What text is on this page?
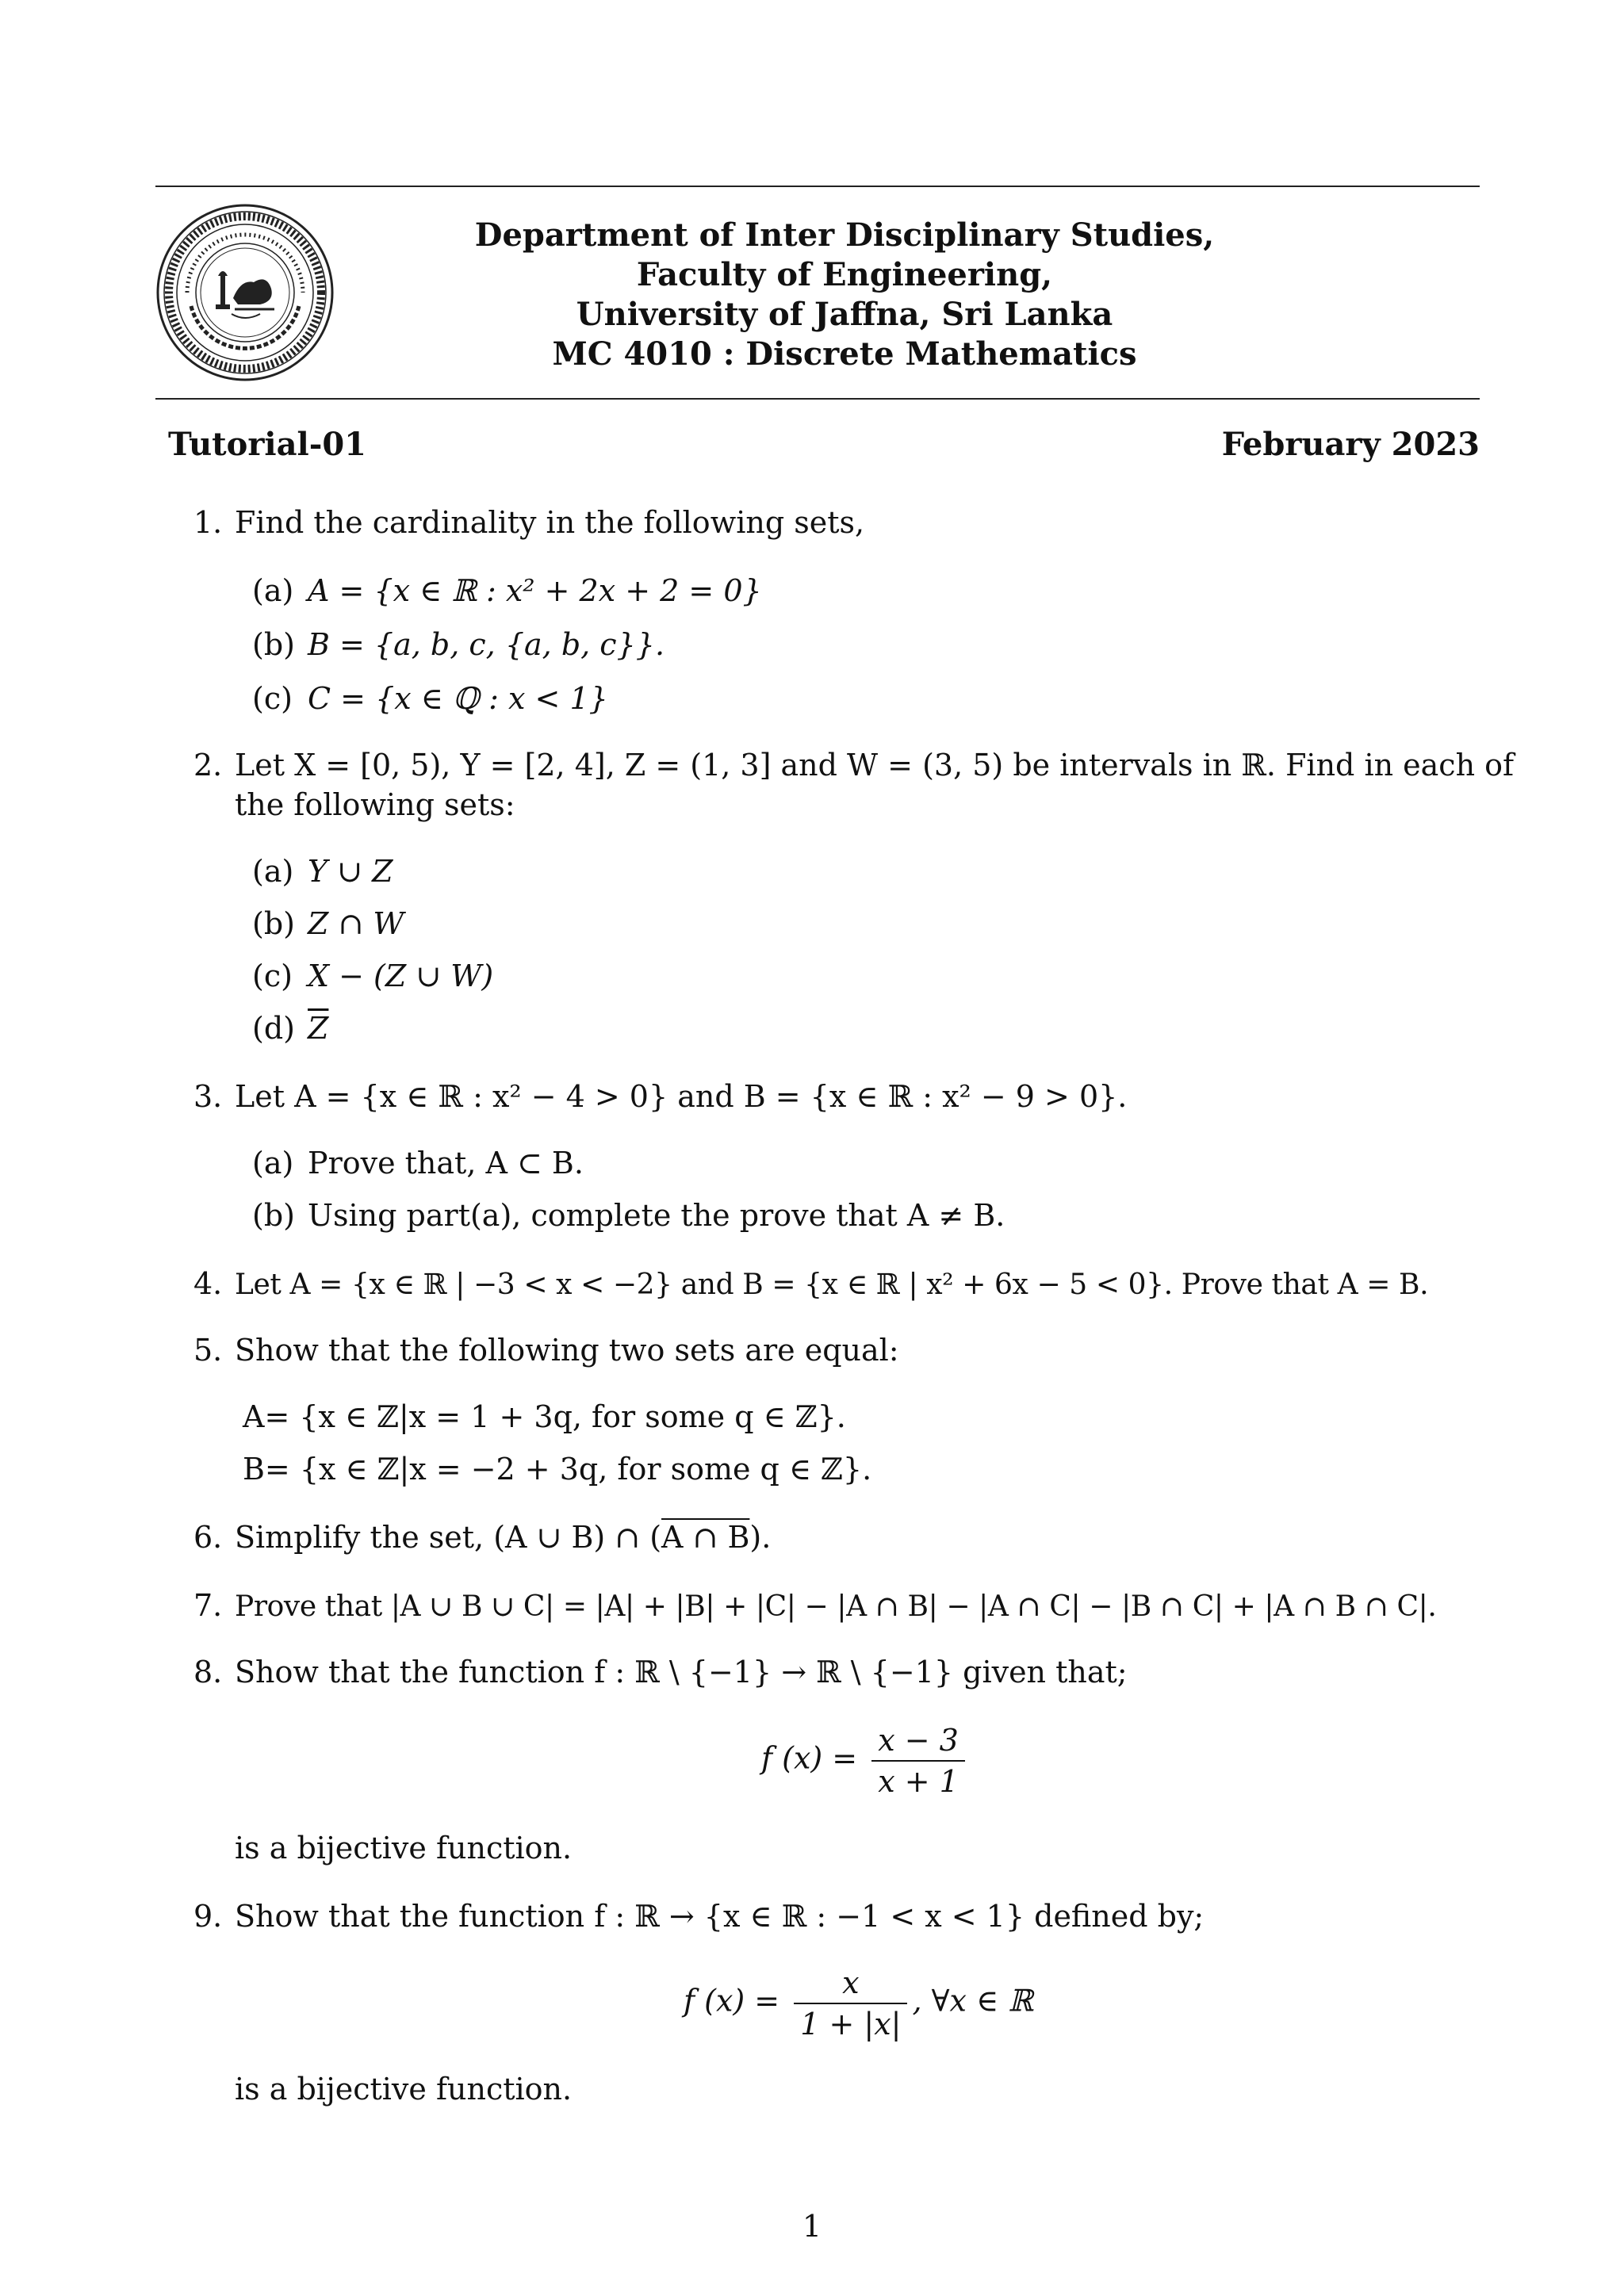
Department of Inter Disciplinary Studies,
Faculty of Engineering,
University of Jaffna, Sri Lanka
MC 4010 : Discrete Mathematics
Tutorial-01	February 2023
1. Find the cardinality in the following sets,
(a) A = {x ∈ ℝ : x² + 2x + 2 = 0}
(b) B = {a, b, c, {a, b, c}}.
(c) C = {x ∈ ℚ : x < 1}
2. Let X = [0, 5), Y = [2, 4], Z = (1, 3] and W = (3, 5) be intervals in ℝ. Find in each of
the following sets:
(a) Y ∪ Z
(b) Z ∩ W
(c) X − (Z ∪ W)
(d) $\overline{Z}$
3. Let A = {x ∈ ℝ : x² − 4 > 0} and B = {x ∈ ℝ : x² − 9 > 0}.
(a) Prove that, A ⊂ B.
(b) Using part(a), complete the prove that A ≠ B.
4. Let A = {x ∈ ℝ | −3 < x < −2} and B = {x ∈ ℝ | x² + 6x − 5 < 0}. Prove that A = B.
5. Show that the following two sets are equal:
A= {x ∈ ℤ|x = 1 + 3q, for some q ∈ ℤ}.
B= {x ∈ ℤ|x = −2 + 3q, for some q ∈ ℤ}.
6. Simplify the set, (A ∪ B) ∩ (A ∩ B).
7. Prove that |A ∪ B ∪ C| = |A| + |B| + |C| − |A ∩ B| − |A ∩ C| − |B ∩ C| + |A ∩ B ∩ C|.
8. Show that the function f : ℝ \ {−1} → ℝ \ {−1} given that;
f $(x) = \frac{x - 3}{x + 1}$
is a bijective function.
9. Show that the function f : ℝ → {x ∈ ℝ : −1 < x < 1} defined by;
f $(x) = \frac{x}{1 + |x|}$ , ∀x ∈ ℝ
is a bijective function.
1
